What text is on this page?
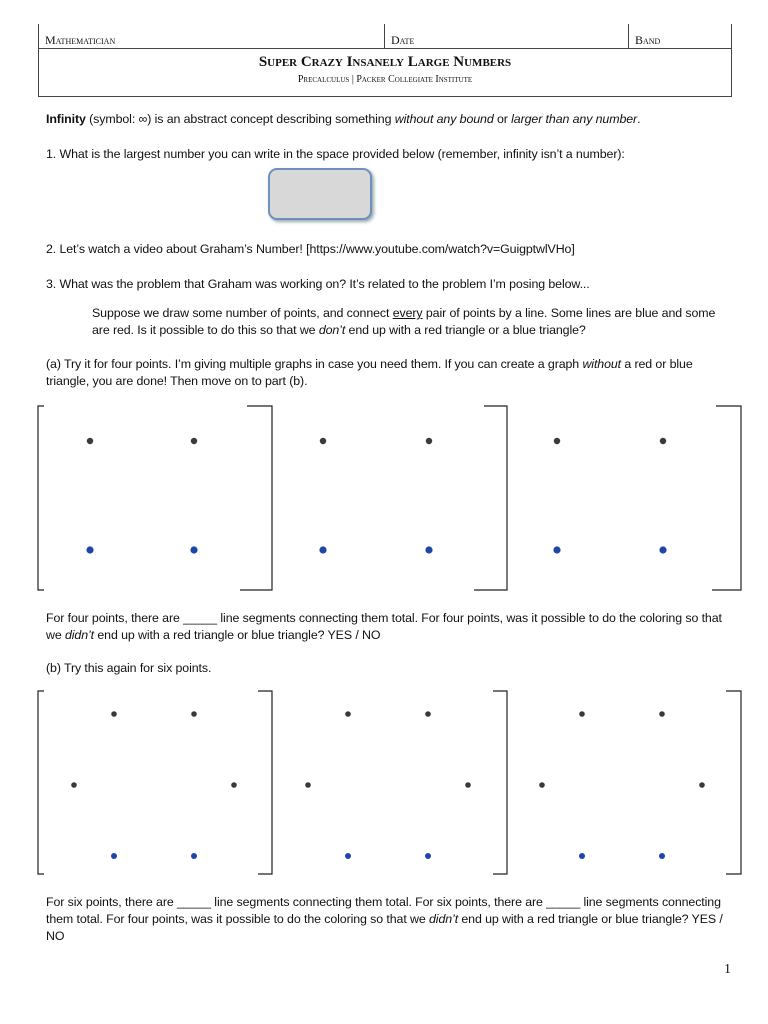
Mathematician	Date	Band
Super Crazy Insanely Large Numbers
Precalculus | Packer Collegiate Institute
Infinity (symbol: ∞) is an abstract concept describing something without any bound or larger than any number.
1. What is the largest number you can write in the space provided below (remember, infinity isn’t a number):
2. Let’s watch a video about Graham’s Number! [https://www.youtube.com/watch?v=GuigptwlVHo]
3. What was the problem that Graham was working on? It’s related to the problem I’m posing below...
Suppose we draw some number of points, and connect every pair of points by a line. Some lines are blue and some are red. Is it possible to do this so that we don’t end up with a red triangle or a blue triangle?
(a) Try it for four points. I’m giving multiple graphs in case you need them. If you can create a graph without a red or blue triangle, you are done! Then move on to part (b).
For four points, there are _____ line segments connecting them total. For four points, was it possible to do the coloring so that we didn’t end up with a red triangle or blue triangle? YES / NO
(b) Try this again for six points.
For six points, there are _____ line segments connecting them total. For six points, there are _____ line segments connecting them total. For four points, was it possible to do the coloring so that we didn’t end up with a red triangle or blue triangle? YES / NO
1
